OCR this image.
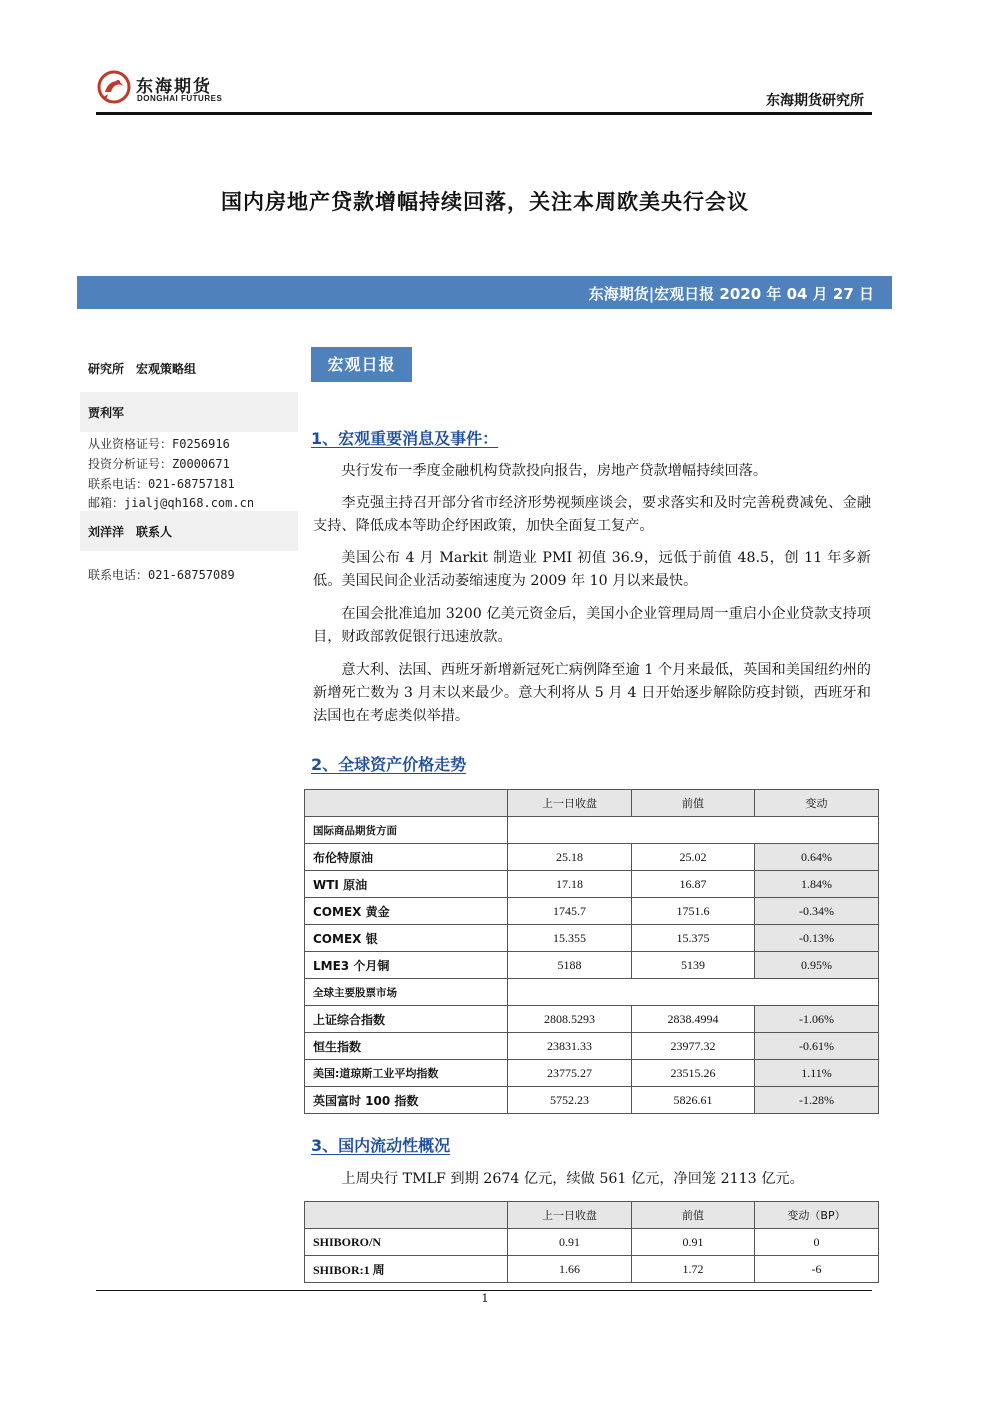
东海期货
DONGHAI FUTURES	东海期货研究所
国内房地产贷款增幅持续回落，关注本周欧美央行会议
东海期货|宏观日报 2020 年 04 月 27 日
研究所　宏观策略组
贾利军
从业资格证号：F0256916
投资分析证号：Z0000671
联系电话：021-68757181
邮箱：jialj@qh168.com.cn
刘洋洋　联系人
联系电话：021-68757089
宏观日报
1、宏观重要消息及事件：
央行发布一季度金融机构贷款投向报告，房地产贷款增幅持续回落。
李克强主持召开部分省市经济形势视频座谈会，要求落实和及时完善税费减免、金融支持、降低成本等助企纾困政策，加快全面复工复产。
美国公布 4 月 Markit 制造业 PMI 初值 36.9，远低于前值 48.5，创 11 年多新低。美国民间企业活动萎缩速度为 2009 年 10 月以来最快。
在国会批准追加 3200 亿美元资金后，美国小企业管理局周一重启小企业贷款支持项目，财政部敦促银行迅速放款。
意大利、法国、西班牙新增新冠死亡病例降至逾 1 个月来最低，英国和美国纽约州的新增死亡数为 3 月末以来最少。意大利将从 5 月 4 日开始逐步解除防疫封锁，西班牙和法国也在考虑类似举措。
2、全球资产价格走势
	上一日收盘	前值	变动
国际商品期货方面			
布伦特原油	25.18	25.02	0.64%
WTI 原油	17.18	16.87	1.84%
COMEX 黄金	1745.7	1751.6	-0.34%
COMEX 银	15.355	15.375	-0.13%
LME3 个月铜	5188	5139	0.95%
全球主要股票市场			
上证综合指数	2808.5293	2838.4994	-1.06%
恒生指数	23831.33	23977.32	-0.61%
美国:道琼斯工业平均指数	23775.27	23515.26	1.11%
英国富时 100 指数	5752.23	5826.61	-1.28%
3、国内流动性概况
上周央行 TMLF 到期 2674 亿元，续做 561 亿元，净回笼 2113 亿元。
	上一日收盘	前值	变动（BP）
SHIBORO/N	0.91	0.91	0
SHIBOR:1 周	1.66	1.72	-6
1
